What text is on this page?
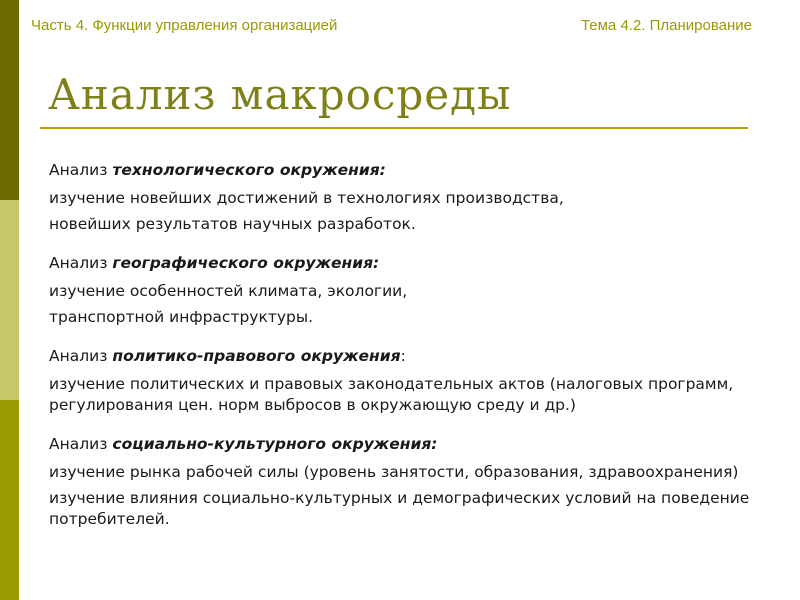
Часть 4. Функции управления организацией	Тема 4.2. Планирование
Анализ макросреды
Анализ технологического окружения:
изучение новейших достижений в технологиях производства,
новейших результатов научных разработок.
Анализ географического окружения:
изучение особенностей климата, экологии,
транспортной инфраструктуры.
Анализ политико-правового окружения:
изучение политических и правовых законодательных актов (налоговых программ, регулирования цен. норм выбросов в окружающую среду и др.)
Анализ социально-культурного окружения:
изучение рынка рабочей силы (уровень занятости, образования, здравоохранения)
изучение влияния социально-культурных и демографических условий на поведение потребителей.
